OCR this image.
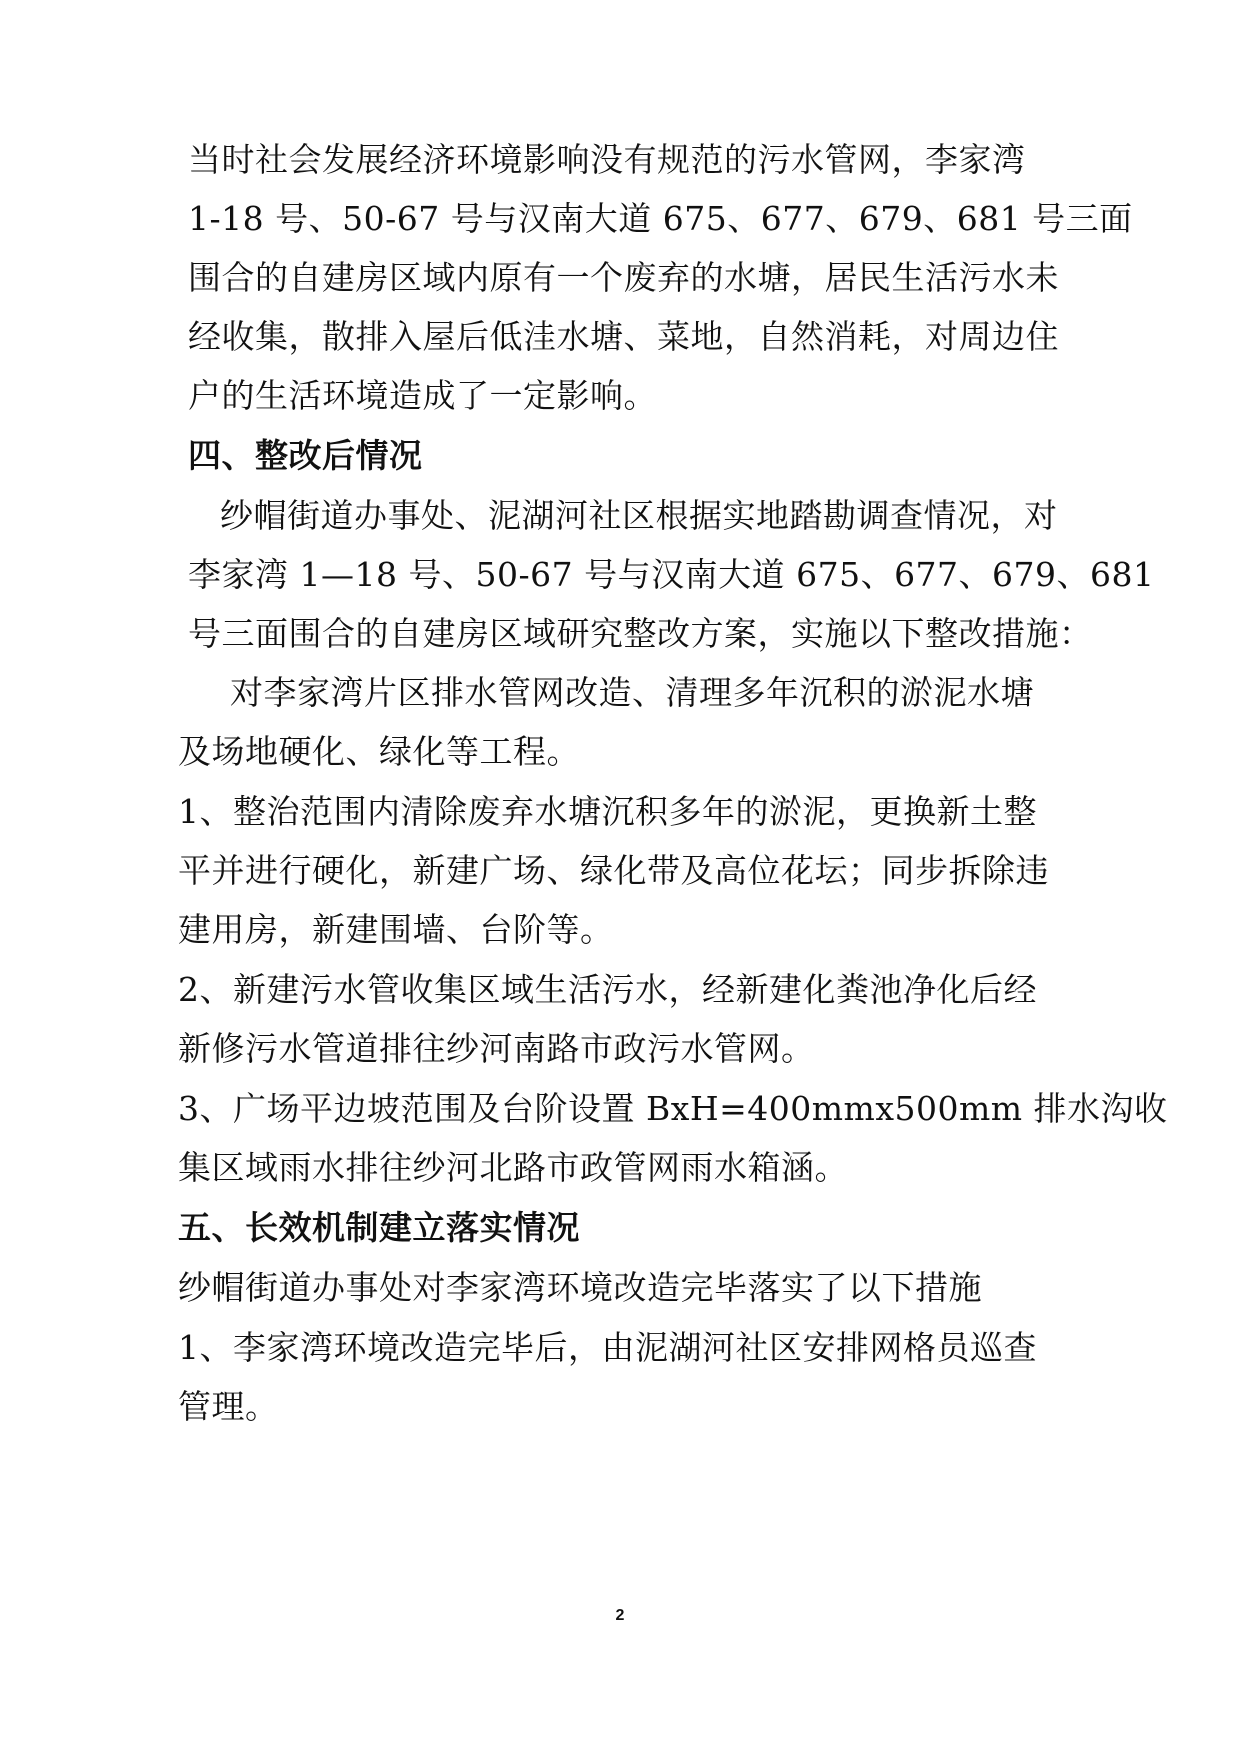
当时社会发展经济环境影响没有规范的污水管网，李家湾
1-18 号、50-67 号与汉南大道 675、677、679、681 号三面
围合的自建房区域内原有一个废弃的水塘，居民生活污水未
经收集，散排入屋后低洼水塘、菜地，自然消耗，对周边住
户的生活环境造成了一定影响。
四、整改后情况
纱帽街道办事处、泥湖河社区根据实地踏勘调查情况，对
李家湾 1—18 号、50-67 号与汉南大道 675、677、679、681
号三面围合的自建房区域研究整改方案，实施以下整改措施：
对李家湾片区排水管网改造、清理多年沉积的淤泥水塘
及场地硬化、绿化等工程。
1、整治范围内清除废弃水塘沉积多年的淤泥，更换新土整
平并进行硬化，新建广场、绿化带及高位花坛；同步拆除违
建用房，新建围墙、台阶等。
2、新建污水管收集区域生活污水，经新建化粪池净化后经
新修污水管道排往纱河南路市政污水管网。
3、广场平边坡范围及台阶设置 BxH=400mmx500mm 排水沟收
集区域雨水排往纱河北路市政管网雨水箱涵。
五、长效机制建立落实情况
纱帽街道办事处对李家湾环境改造完毕落实了以下措施
1、李家湾环境改造完毕后，由泥湖河社区安排网格员巡查
管理。
2
